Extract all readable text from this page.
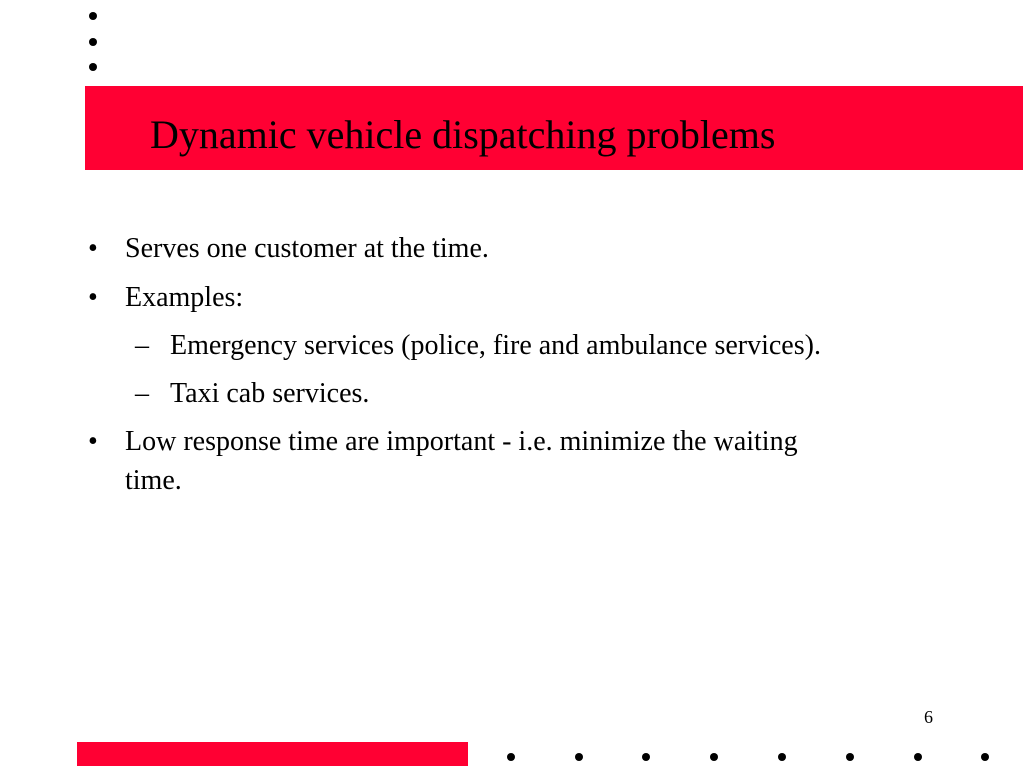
Dynamic vehicle dispatching problems
• Serves one customer at the time.
• Examples:
– Emergency services (police, fire and ambulance services).
– Taxi cab services.
• Low response time are important - i.e. minimize the waiting
time.
6
